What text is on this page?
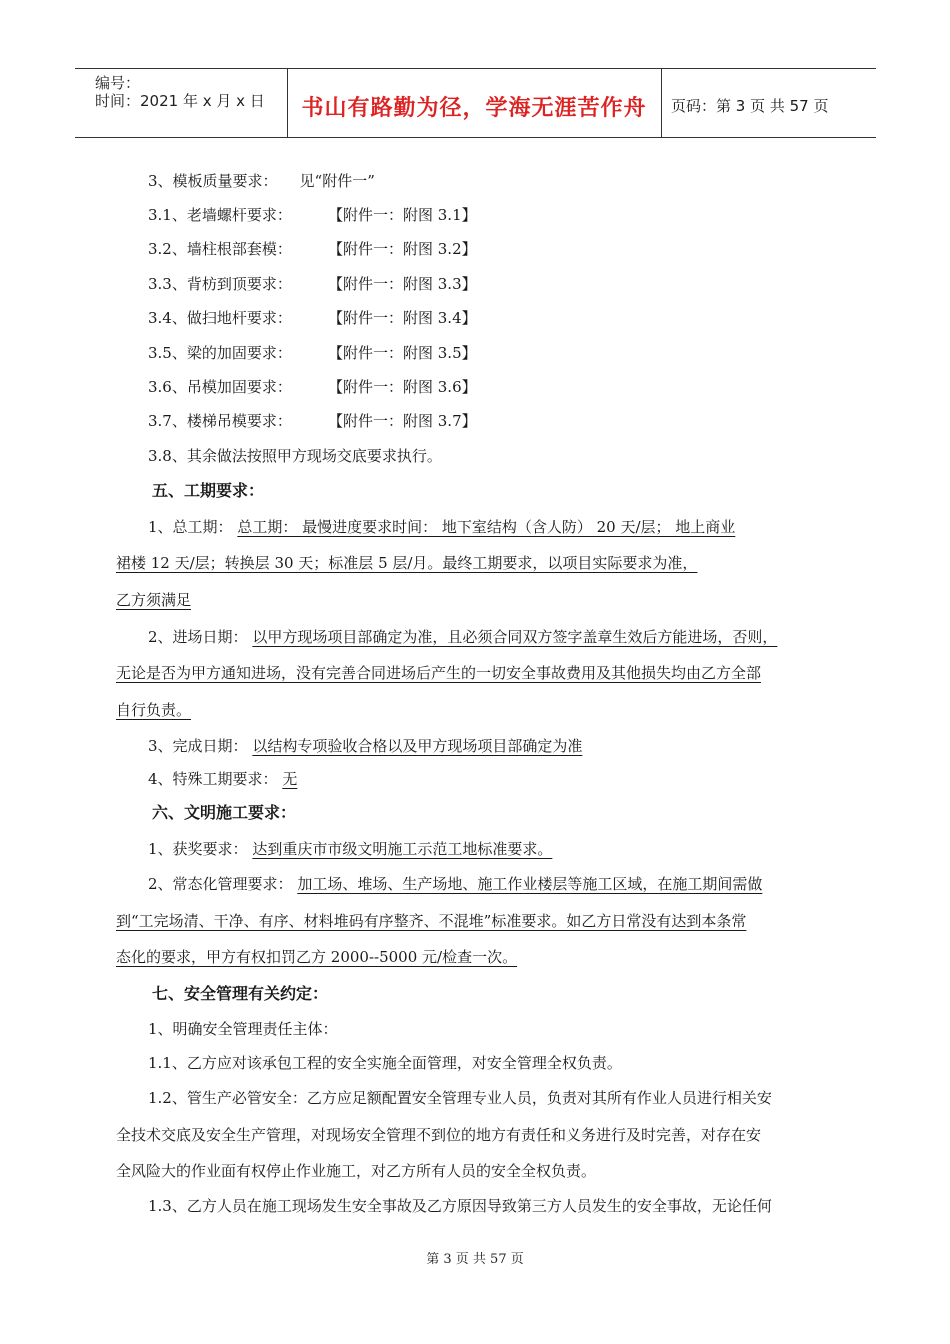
编号：
时间：2021 年 x 月 x 日	书山有路勤为径，学海无涯苦作舟	页码：第 3 页 共 57 页
3、模板质量要求： 见“附件一”
3.1、老墙螺杆要求： 【附件一：附图 3.1】
3.2、墙柱根部套模： 【附件一：附图 3.2】
3.3、背枋到顶要求： 【附件一：附图 3.3】
3.4、做扫地杆要求： 【附件一：附图 3.4】
3.5、梁的加固要求： 【附件一：附图 3.5】
3.6、吊模加固要求： 【附件一：附图 3.6】
3.7、楼梯吊模要求： 【附件一：附图 3.7】
3.8、其余做法按照甲方现场交底要求执行。
五、工期要求：
1、总工期： 总工期： 最慢进度要求时间： 地下室结构（含人防） 20 天/层； 地上商业
裙楼 12 天/层；转换层 30 天；标准层 5 层/月。最终工期要求，以项目实际要求为准，
乙方须满足
2、进场日期： 以甲方现场项目部确定为准，且必须合同双方签字盖章生效后方能进场，否则，
无论是否为甲方通知进场，没有完善合同进场后产生的一切安全事故费用及其他损失均由乙方全部
自行负责。
3、完成日期： 以结构专项验收合格以及甲方现场项目部确定为准
4、特殊工期要求： 无
六、文明施工要求：
1、获奖要求： 达到重庆市市级文明施工示范工地标准要求。
2、常态化管理要求： 加工场、堆场、生产场地、施工作业楼层等施工区域，在施工期间需做
到“工完场清、干净、有序、材料堆码有序整齐、不混堆”标准要求。如乙方日常没有达到本条常
态化的要求，甲方有权扣罚乙方 2000--5000 元/检查一次。
七、安全管理有关约定：
1、明确安全管理责任主体：
1.1、乙方应对该承包工程的安全实施全面管理，对安全管理全权负责。
1.2、管生产必管安全：乙方应足额配置安全管理专业人员，负责对其所有作业人员进行相关安
全技术交底及安全生产管理，对现场安全管理不到位的地方有责任和义务进行及时完善，对存在安
全风险大的作业面有权停止作业施工，对乙方所有人员的安全全权负责。
1.3、乙方人员在施工现场发生安全事故及乙方原因导致第三方人员发生的安全事故，无论任何
第 3 页 共 57 页
